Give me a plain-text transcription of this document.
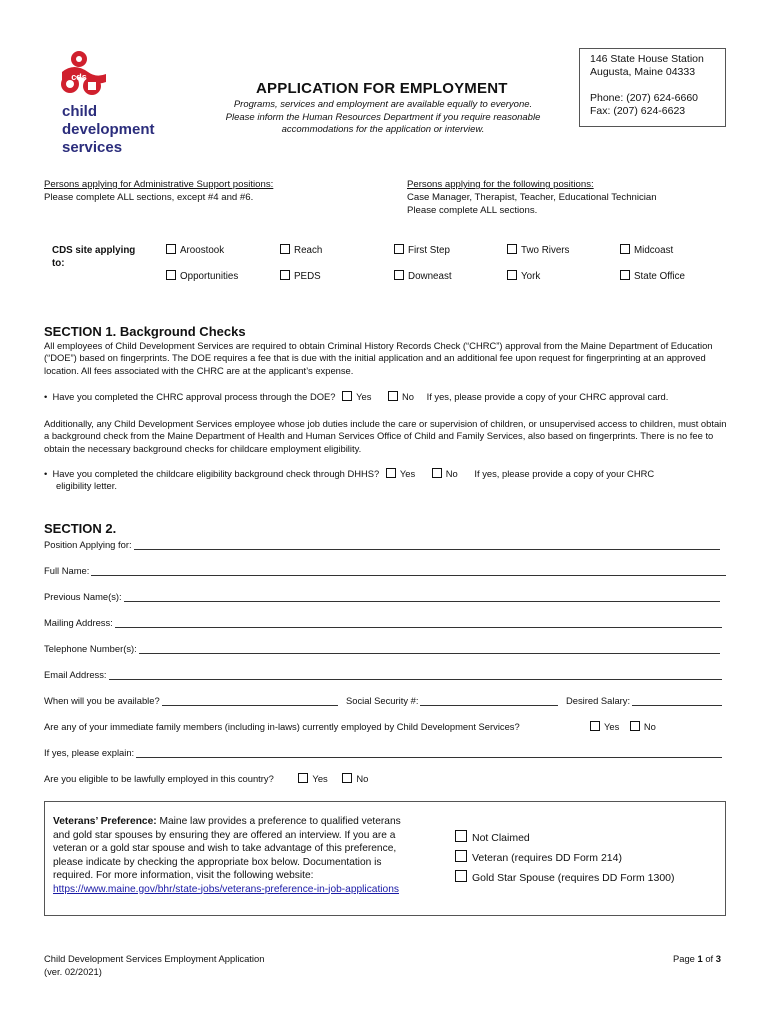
cds
child
development
services
APPLICATION FOR EMPLOYMENT
Programs, services and employment are available equally to everyone.
Please inform the Human Resources Department if you require reasonable
accommodations for the application or interview.
146 State House Station
Augusta, Maine 04333
Phone: (207) 624-6660
Fax: (207) 624-6623
Persons applying for Administrative Support positions:
Please complete ALL sections, except #4 and #6.
Persons applying for the following positions:
Case Manager, Therapist, Teacher, Educational Technician
Please complete ALL sections.
CDS site applying to:
Aroostook	Reach	First Step	Two Rivers	Midcoast
Opportunities	PEDS	Downeast	York	State Office
SECTION 1. Background Checks
All employees of Child Development Services are required to obtain Criminal History Records Check (“CHRC”) approval from the Maine Department of Education (“DOE”) based on fingerprints. The DOE requires a fee that is due with the initial application and an additional fee upon request for fingerprinting at an approved location. All fees associated with the CHRC are at the applicant’s expense.
• Have you completed the CHRC approval process through the DOE? Yes	No If yes, please provide a copy of your CHRC approval card.
Additionally, any Child Development Services employee whose job duties include the care or supervision of children, or unsupervised access to children, must obtain a background check from the Maine Department of Health and Human Services Office of Child and Family Services, also based on fingerprints. There is no fee to obtain the necessary background checks for childcare employment eligibility.
• Have you completed the childcare eligibility background check through DHHS? Yes	No If yes, please provide a copy of your CHRC
eligibility letter.
SECTION 2.
Position Applying for:
Full Name:
Previous Name(s):
Mailing Address:
Telephone Number(s):
Email Address:
When will you be available?	Social Security #:	Desired Salary:
Are any of your immediate family members (including in-laws) currently employed by Child Development Services?	Yes	No
If yes, please explain:
Are you eligible to be lawfully employed in this country?	Yes	No
Veterans’ Preference: Maine law provides a preference to qualified veterans
and gold star spouses by ensuring they are offered an interview. If you are a
veteran or a gold star spouse and wish to take advantage of this preference,
please indicate by checking the appropriate box below. Documentation is
required. For more information, visit the following website:
https://www.maine.gov/bhr/state-jobs/veterans-preference-in-job-applications
Not Claimed
Veteran (requires DD Form 214)
Gold Star Spouse (requires DD Form 1300)
Child Development Services Employment Application
(ver. 02/2021)
Page 1 of 3
